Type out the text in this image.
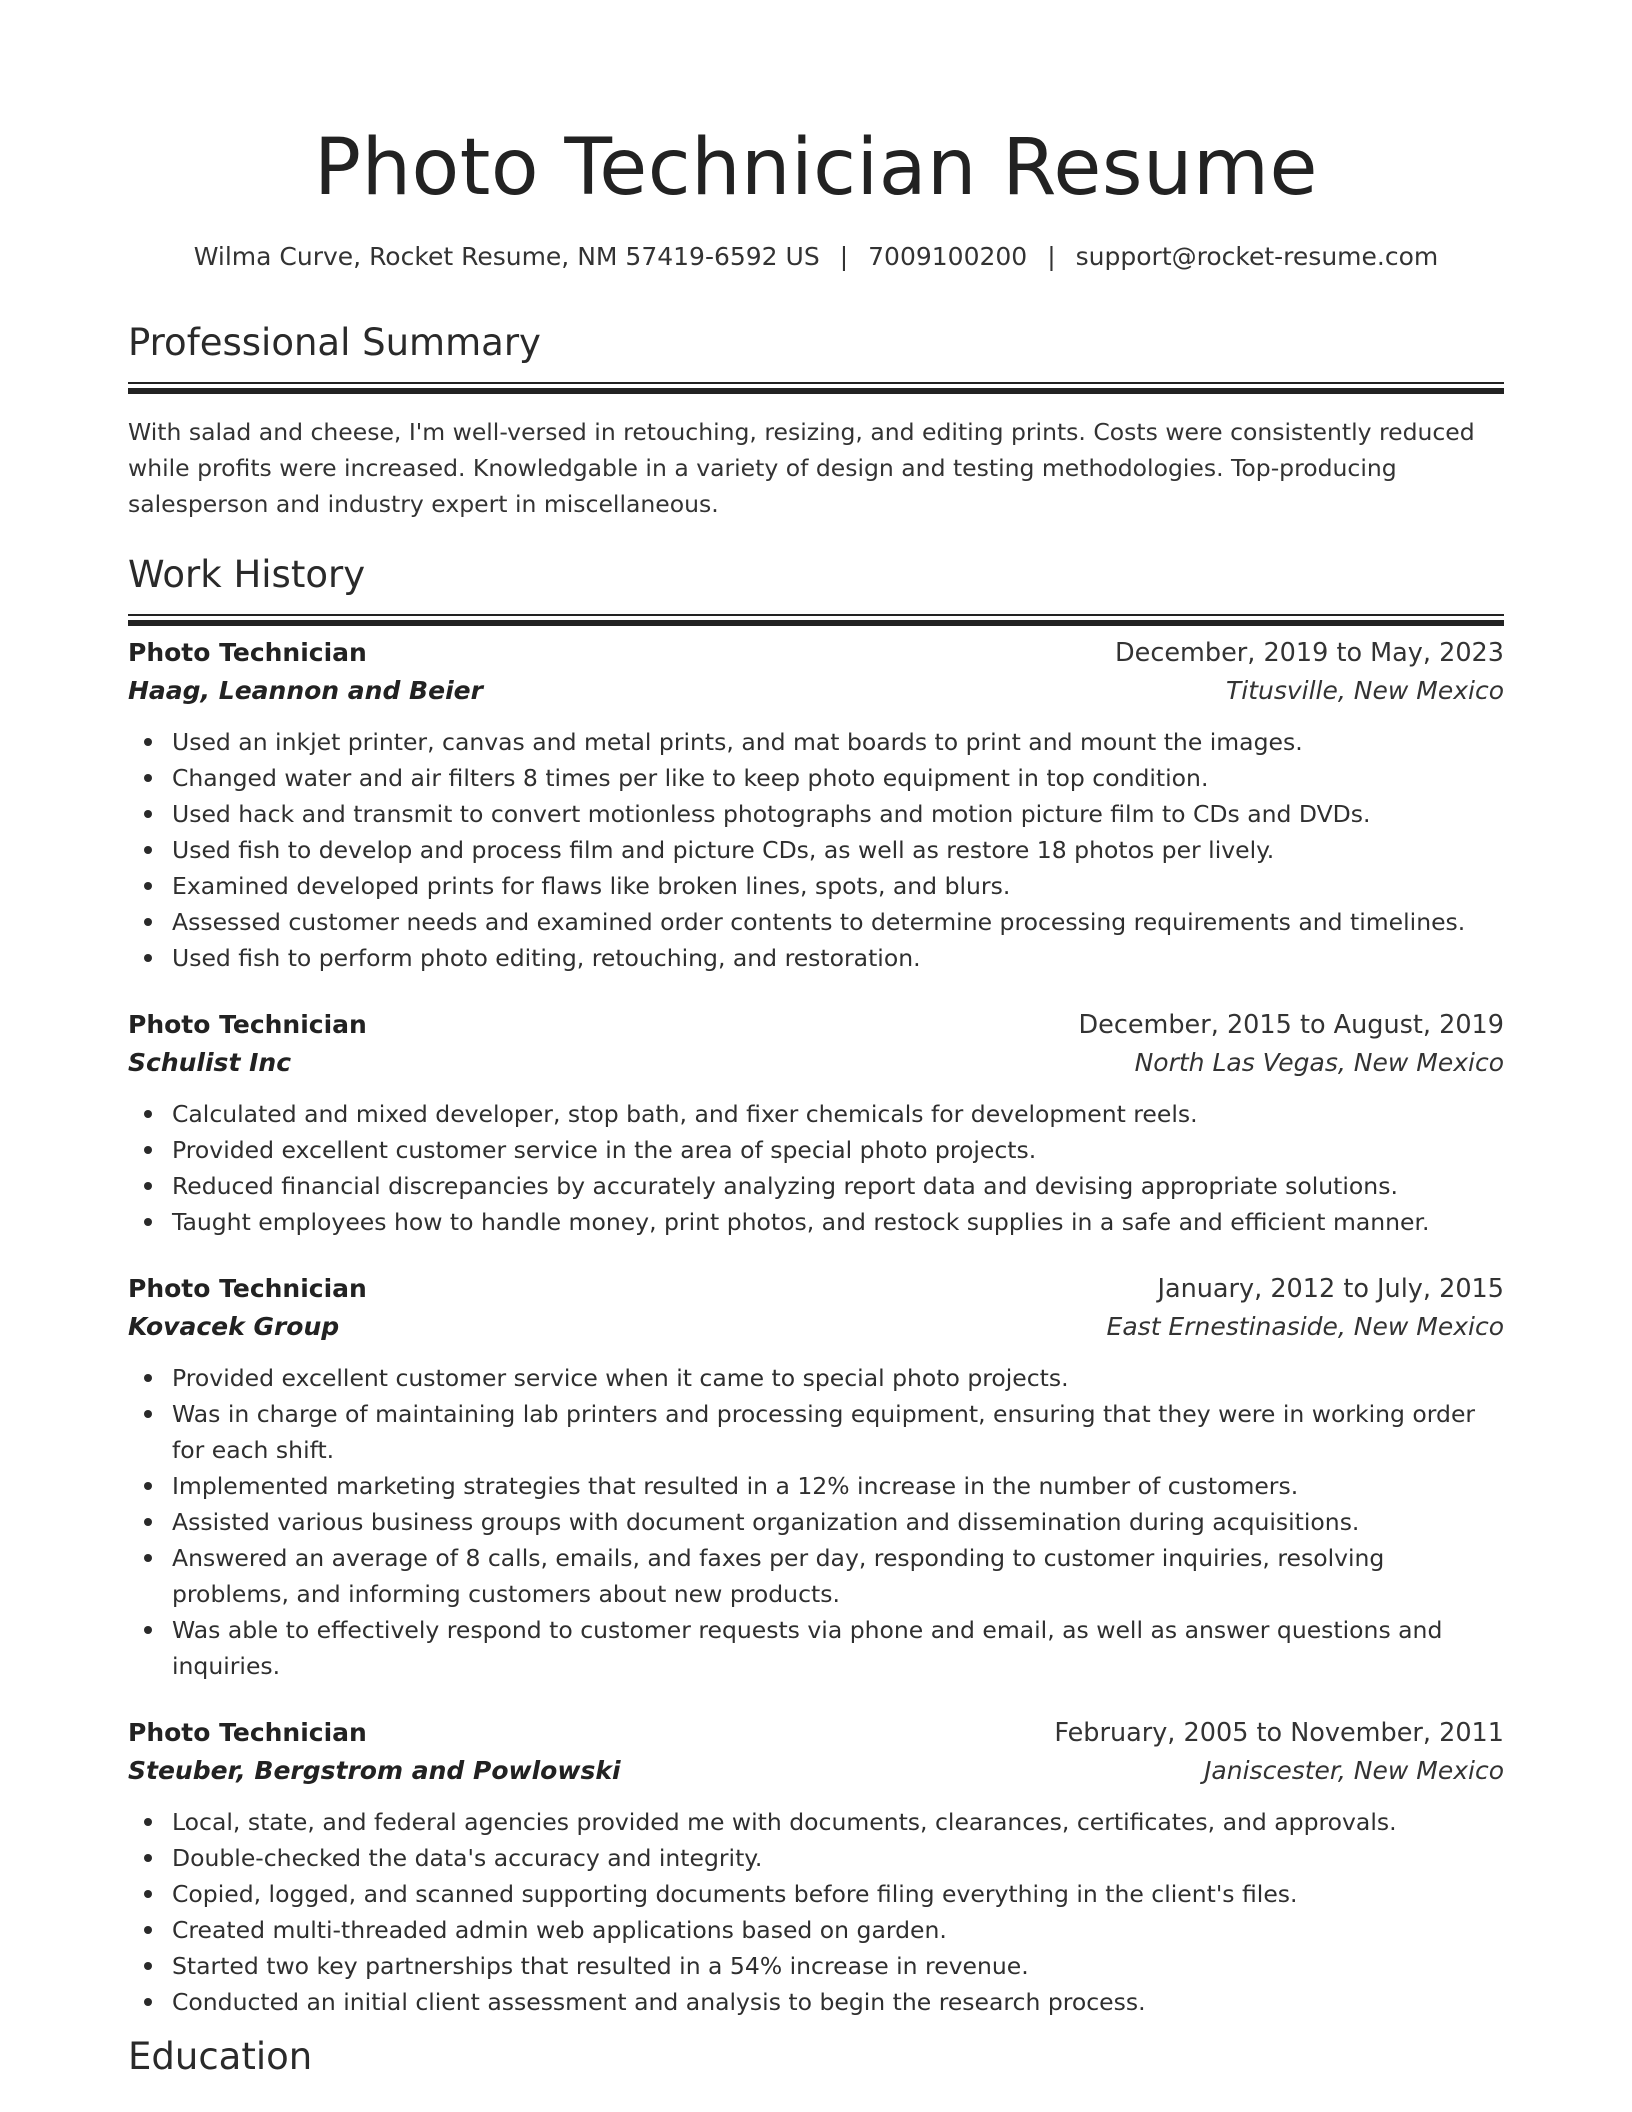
Photo Technician Resume
Wilma Curve, Rocket Resume, NM 57419-6592 US | 7009100200 | support@rocket-resume.com
Professional Summary

With salad and cheese, I'm well-versed in retouching, resizing, and editing prints. Costs were consistently reduced while profits were increased. Knowledgable in a variety of design and testing methodologies. Top-producing salesperson and industry expert in miscellaneous.

Work History
Photo Technician	December, 2019 to May, 2023
Haag, Leannon and Beier	Titusville, New Mexico
Used an inkjet printer, canvas and metal prints, and mat boards to print and mount the images.
Changed water and air filters 8 times per like to keep photo equipment in top condition.
Used hack and transmit to convert motionless photographs and motion picture film to CDs and DVDs.
Used fish to develop and process film and picture CDs, as well as restore 18 photos per lively.
Examined developed prints for flaws like broken lines, spots, and blurs.
Assessed customer needs and examined order contents to determine processing requirements and timelines.
Used fish to perform photo editing, retouching, and restoration.
Photo Technician	December, 2015 to August, 2019
Schulist Inc	North Las Vegas, New Mexico
Calculated and mixed developer, stop bath, and fixer chemicals for development reels.
Provided excellent customer service in the area of special photo projects.
Reduced financial discrepancies by accurately analyzing report data and devising appropriate solutions.
Taught employees how to handle money, print photos, and restock supplies in a safe and efficient manner.
Photo Technician	January, 2012 to July, 2015
Kovacek Group	East Ernestinaside, New Mexico
Provided excellent customer service when it came to special photo projects.
Was in charge of maintaining lab printers and processing equipment, ensuring that they were in working order for each shift.
Implemented marketing strategies that resulted in a 12% increase in the number of customers.
Assisted various business groups with document organization and dissemination during acquisitions.
Answered an average of 8 calls, emails, and faxes per day, responding to customer inquiries, resolving problems, and informing customers about new products.
Was able to effectively respond to customer requests via phone and email, as well as answer questions and inquiries.
Photo Technician	February, 2005 to November, 2011
Steuber, Bergstrom and Powlowski	Janiscester, New Mexico
Local, state, and federal agencies provided me with documents, clearances, certificates, and approvals.
Double-checked the data's accuracy and integrity.
Copied, logged, and scanned supporting documents before filing everything in the client's files.
Created multi-threaded admin web applications based on garden.
Started two key partnerships that resulted in a 54% increase in revenue.
Conducted an initial client assessment and analysis to begin the research process.
Education
